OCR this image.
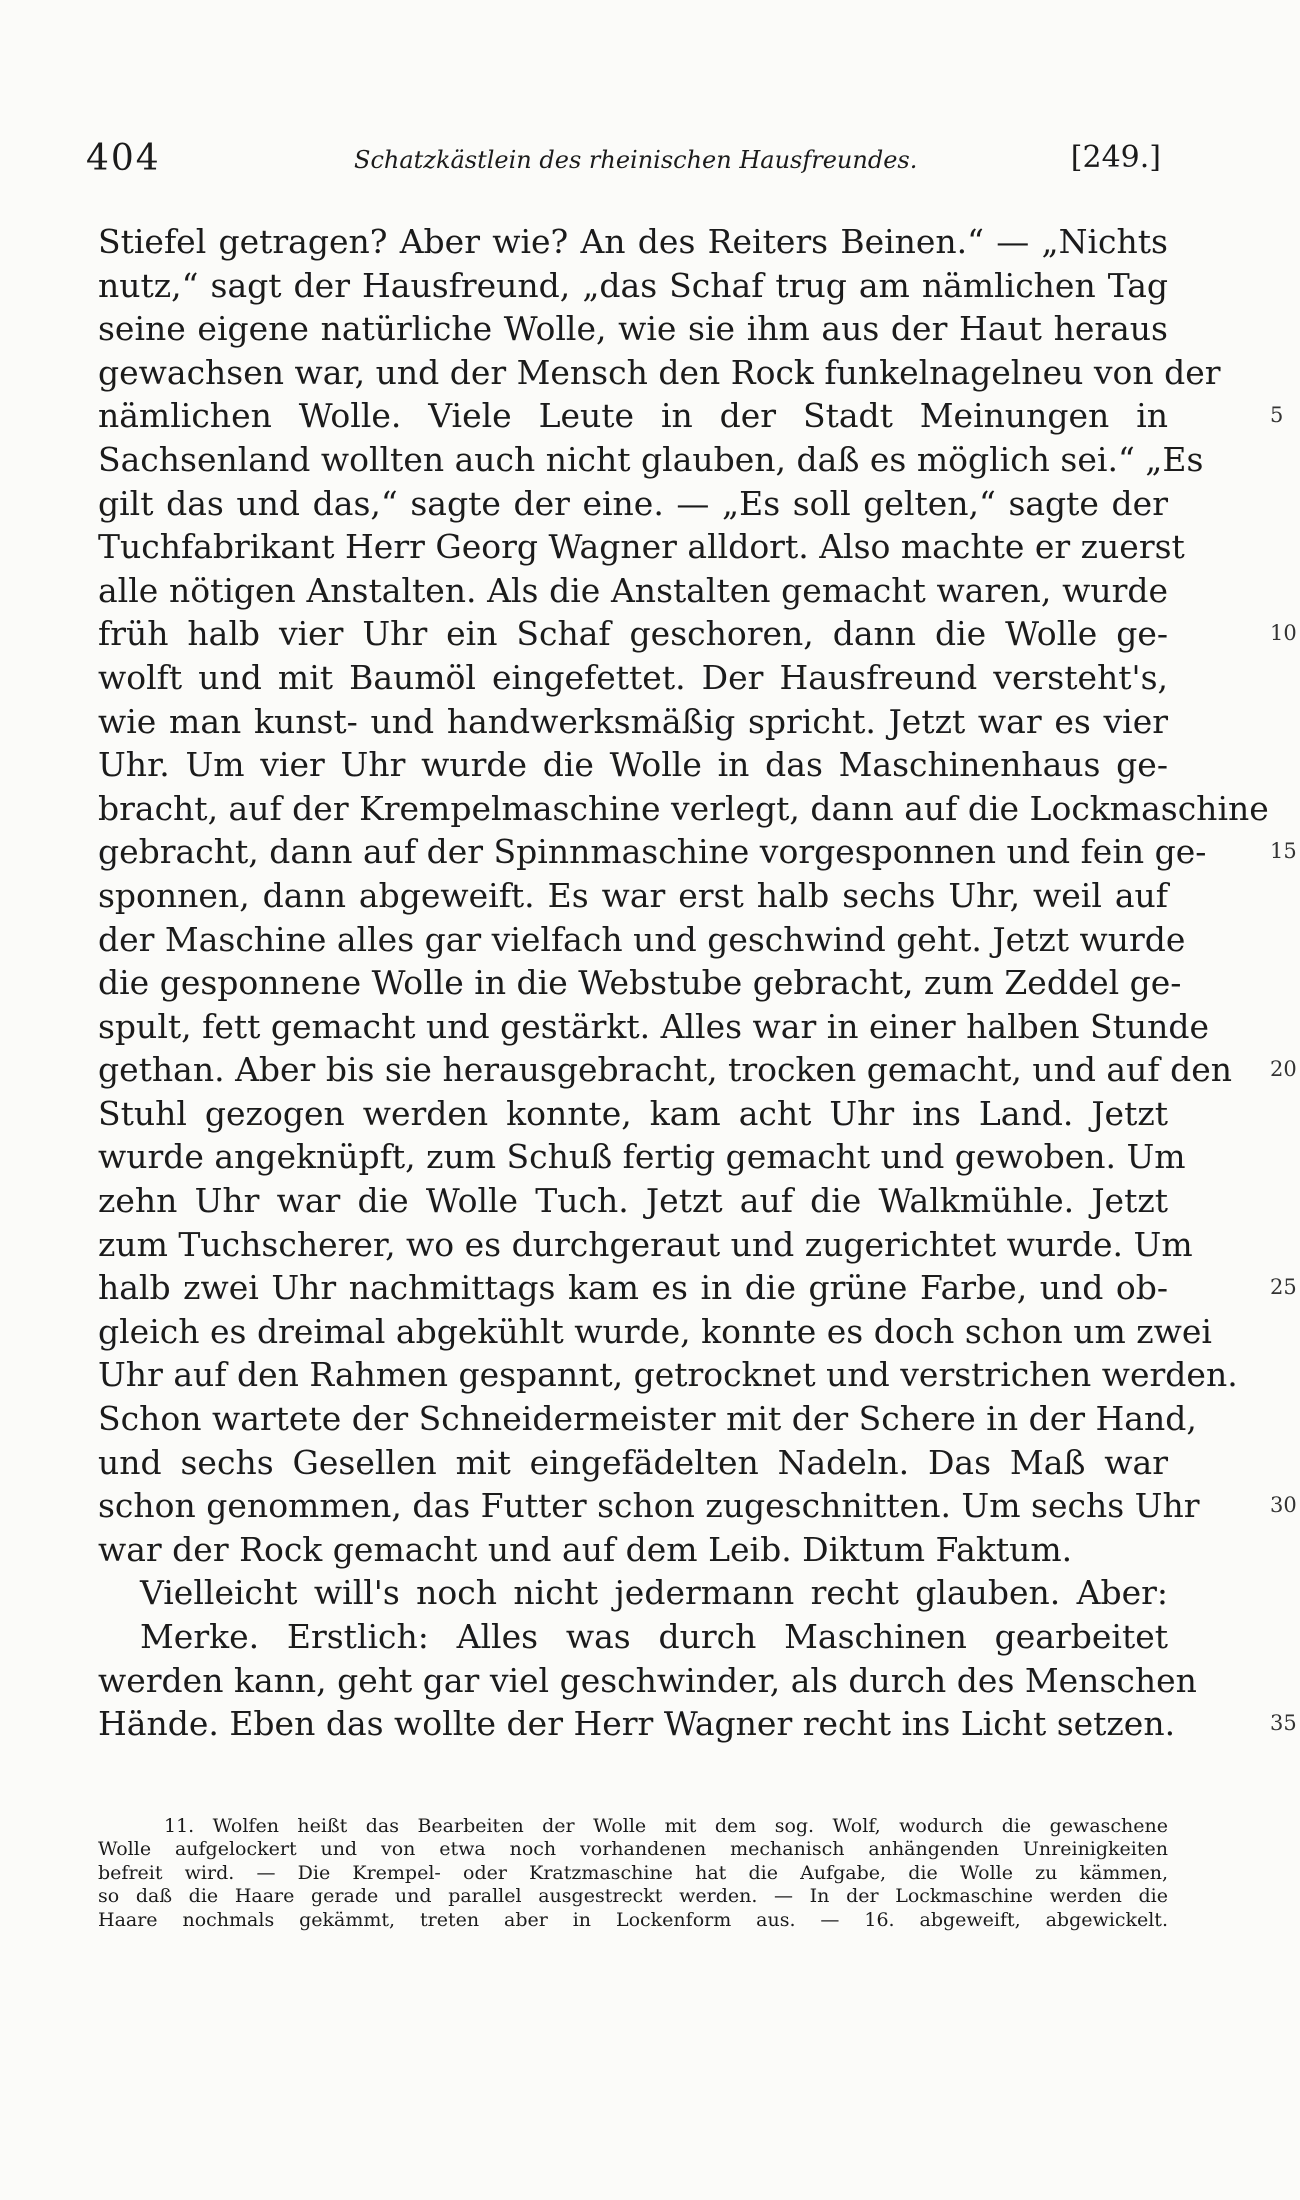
404	Schatzkästlein des rheinischen Hausfreundes.	[249.]
Stiefel getragen? Aber wie? An des Reiters Beinen.“ — „Nichts
nutz,“ sagt der Hausfreund, „das Schaf trug am nämlichen Tag
seine eigene natürliche Wolle, wie sie ihm aus der Haut heraus
gewachsen war, und der Mensch den Rock funkelnagelneu von der
nämlichen Wolle. Viele Leute in der Stadt Meinungen in
Sachsenland wollten auch nicht glauben, daß es möglich sei.“ „Es
gilt das und das,“ sagte der eine. — „Es soll gelten,“ sagte der
Tuchfabrikant Herr Georg Wagner alldort. Also machte er zuerst
alle nötigen Anstalten. Als die Anstalten gemacht waren, wurde
früh halb vier Uhr ein Schaf geschoren, dann die Wolle ge-
wolft und mit Baumöl eingefettet. Der Hausfreund versteht's,
wie man kunst- und handwerksmäßig spricht. Jetzt war es vier
Uhr. Um vier Uhr wurde die Wolle in das Maschinenhaus ge-
bracht, auf der Krempelmaschine verlegt, dann auf die Lockmaschine
gebracht, dann auf der Spinnmaschine vorgesponnen und fein ge-
sponnen, dann abgeweift. Es war erst halb sechs Uhr, weil auf
der Maschine alles gar vielfach und geschwind geht. Jetzt wurde
die gesponnene Wolle in die Webstube gebracht, zum Zeddel ge-
spult, fett gemacht und gestärkt. Alles war in einer halben Stunde
gethan. Aber bis sie herausgebracht, trocken gemacht, und auf den
Stuhl gezogen werden konnte, kam acht Uhr ins Land. Jetzt
wurde angeknüpft, zum Schuß fertig gemacht und gewoben. Um
zehn Uhr war die Wolle Tuch. Jetzt auf die Walkmühle. Jetzt
zum Tuchscherer, wo es durchgeraut und zugerichtet wurde. Um
halb zwei Uhr nachmittags kam es in die grüne Farbe, und ob-
gleich es dreimal abgekühlt wurde, konnte es doch schon um zwei
Uhr auf den Rahmen gespannt, getrocknet und verstrichen werden.
Schon wartete der Schneidermeister mit der Schere in der Hand,
und sechs Gesellen mit eingefädelten Nadeln. Das Maß war
schon genommen, das Futter schon zugeschnitten. Um sechs Uhr
war der Rock gemacht und auf dem Leib. Diktum Faktum.
Vielleicht will's noch nicht jedermann recht glauben. Aber:
Merke. Erstlich: Alles was durch Maschinen gearbeitet
werden kann, geht gar viel geschwinder, als durch des Menschen
Hände. Eben das wollte der Herr Wagner recht ins Licht setzen.
5
10
15
20
25
30
35
11. Wolfen heißt das Bearbeiten der Wolle mit dem sog. Wolf, wodurch die gewaschene
Wolle aufgelockert und von etwa noch vorhandenen mechanisch anhängenden Unreinigkeiten
befreit wird. — Die Krempel- oder Kratzmaschine hat die Aufgabe, die Wolle zu kämmen,
so daß die Haare gerade und parallel ausgestreckt werden. — In der Lockmaschine werden die
Haare nochmals gekämmt, treten aber in Lockenform aus. — 16. abgeweift, abgewickelt.
